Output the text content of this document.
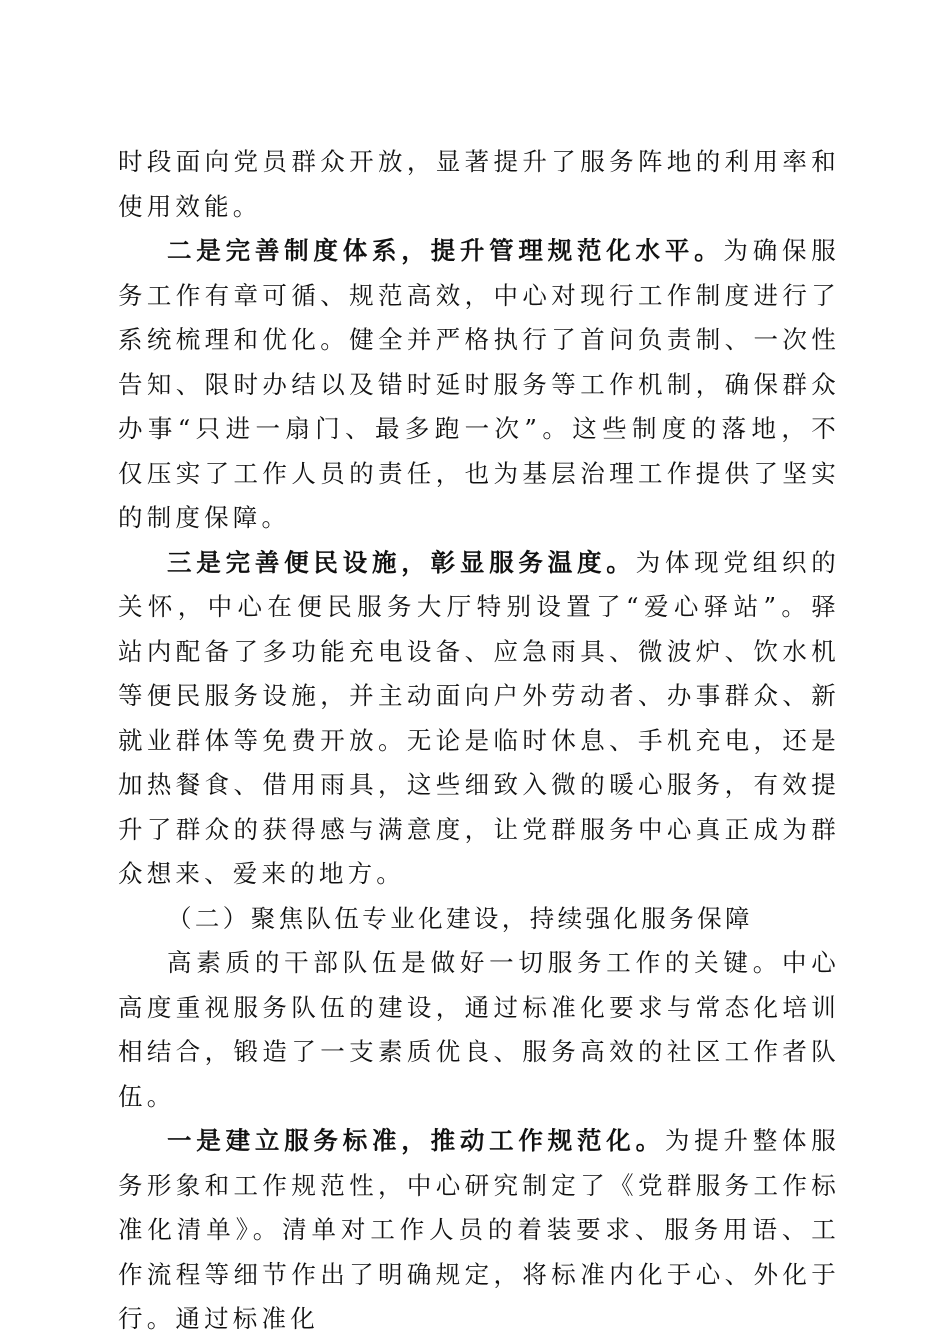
时段面向党员群众开放，显著提升了服务阵地的利用率和使用效能。

二是完善制度体系，提升管理规范化水平。为确保服务工作有章可循、规范高效，中心对现行工作制度进行了系统梳理和优化。健全并严格执行了首问负责制、一次性告知、限时办结以及错时延时服务等工作机制，确保群众办事“只进一扇门、最多跑一次”。这些制度的落地，不仅压实了工作人员的责任，也为基层治理工作提供了坚实的制度保障。

三是完善便民设施，彰显服务温度。为体现党组织的关怀，中心在便民服务大厅特别设置了“爱心驿站”。驿站内配备了多功能充电设备、应急雨具、微波炉、饮水机等便民服务设施，并主动面向户外劳动者、办事群众、新就业群体等免费开放。无论是临时休息、手机充电，还是加热餐食、借用雨具，这些细致入微的暖心服务，有效提升了群众的获得感与满意度，让党群服务中心真正成为群众想来、爱来的地方。

（二）聚焦队伍专业化建设，持续强化服务保障

高素质的干部队伍是做好一切服务工作的关键。中心高度重视服务队伍的建设，通过标准化要求与常态化培训相结合，锻造了一支素质优良、服务高效的社区工作者队伍。

一是建立服务标准，推动工作规范化。为提升整体服务形象和工作规范性，中心研究制定了《党群服务工作标准化清单》。清单对工作人员的着装要求、服务用语、工作流程等细节作出了明确规定，将标准内化于心、外化于行。通过标准化
